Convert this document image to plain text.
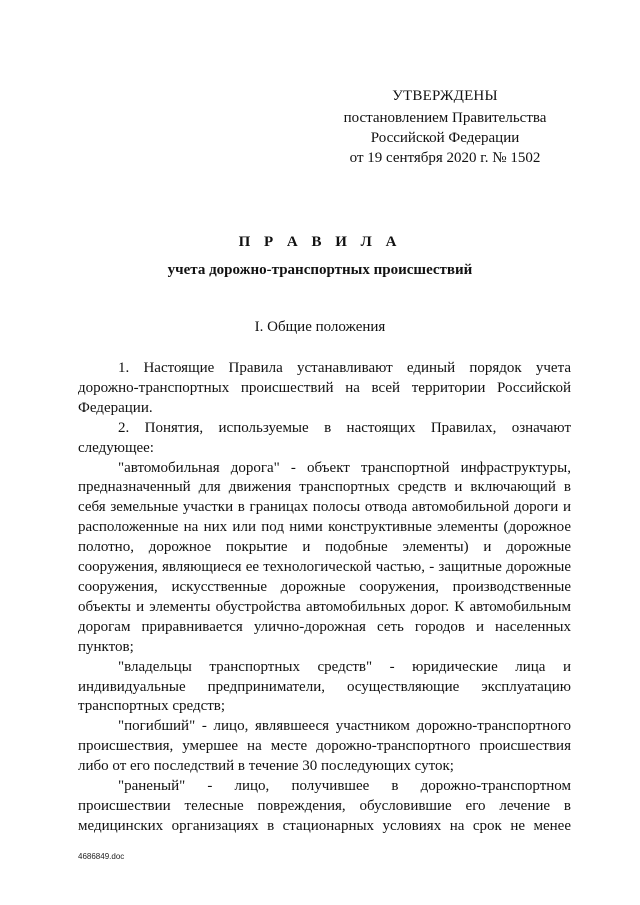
УТВЕРЖДЕНЫ
постановлением Правительства
Российской Федерации
от 19 сентября 2020 г. № 1502
П Р А В И Л А
учета дорожно-транспортных происшествий
I. Общие положения

1. Настоящие Правила устанавливают единый порядок учета дорожно-транспортных происшествий на всей территории Российской Федерации.

2. Понятия, используемые в настоящих Правилах, означают следующее:

"автомобильная дорога" - объект транспортной инфраструктуры, предназначенный для движения транспортных средств и включающий в себя земельные участки в границах полосы отвода автомобильной дороги и расположенные на них или под ними конструктивные элементы (дорожное полотно, дорожное покрытие и подобные элементы) и дорожные сооружения, являющиеся ее технологической частью, - защитные дорожные сооружения, искусственные дорожные сооружения, производственные объекты и элементы обустройства автомобильных дорог. К автомобильным дорогам приравнивается улично-дорожная сеть городов и населенных пунктов;

"владельцы транспортных средств" - юридические лица и индивидуальные предприниматели, осуществляющие эксплуатацию транспортных средств;

"погибший" - лицо, являвшееся участником дорожно-транспортного происшествия, умершее на месте дорожно-транспортного происшествия либо от его последствий в течение 30 последующих суток;

"раненый" - лицо, получившее в дорожно-транспортном происшествии телесные повреждения, обусловившие его лечение в медицинских организациях в стационарных условиях на срок не менее

4686849.doc
